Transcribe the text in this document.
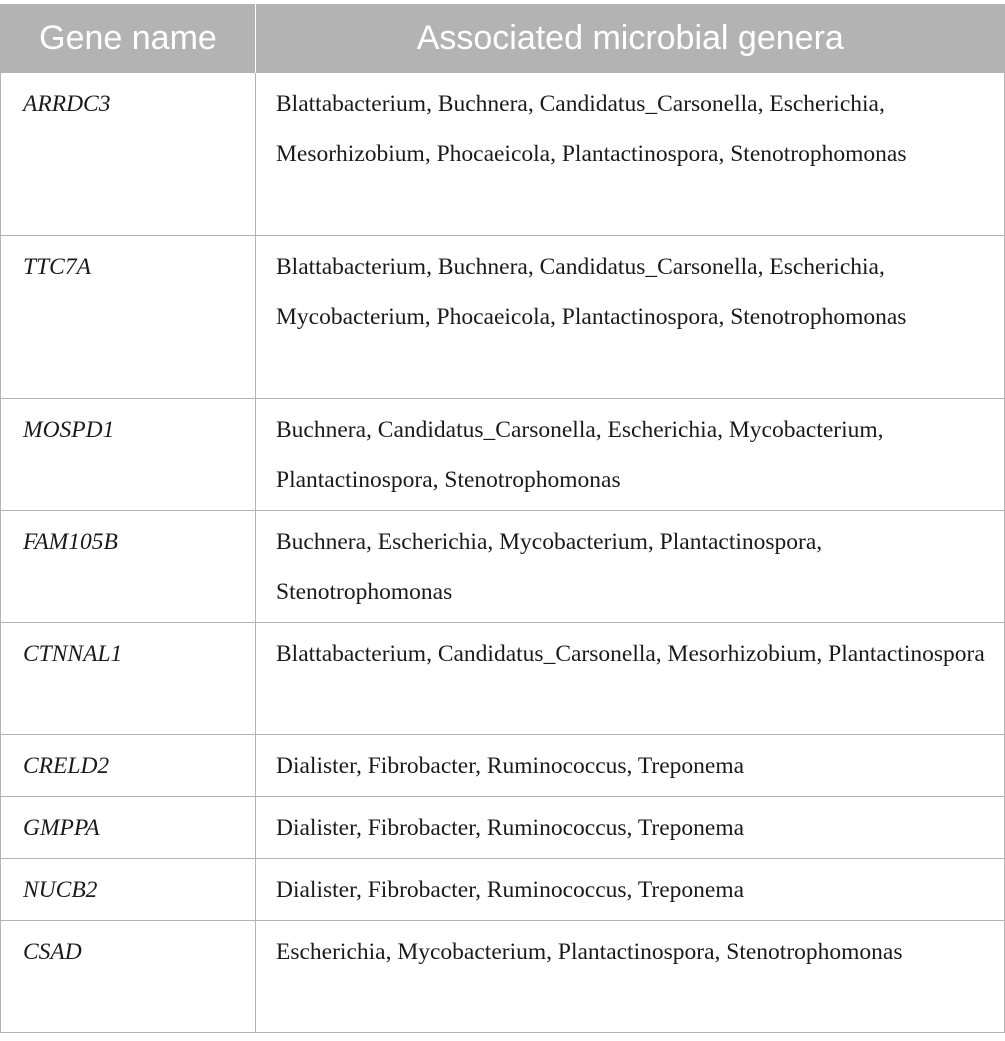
Gene name	Associated microbial genera
ARRDC3	Blattabacterium, Buchnera, Candidatus_Carsonella, Escherichia, Mesorhizobium, Phocaeicola, Plantactinospora, Stenotrophomonas
TTC7A	Blattabacterium, Buchnera, Candidatus_Carsonella, Escherichia, Mycobacterium, Phocaeicola, Plantactinospora, Stenotrophomonas
MOSPD1	Buchnera, Candidatus_Carsonella, Escherichia, Mycobacterium, Plantactinospora, Stenotrophomonas
FAM105B	Buchnera, Escherichia, Mycobacterium, Plantactinospora, Stenotrophomonas
CTNNAL1	Blattabacterium, Candidatus_Carsonella, Mesorhizobium, Plantactinospora
CRELD2	Dialister, Fibrobacter, Ruminococcus, Treponema
GMPPA	Dialister, Fibrobacter, Ruminococcus, Treponema
NUCB2	Dialister, Fibrobacter, Ruminococcus, Treponema
CSAD	Escherichia, Mycobacterium, Plantactinospora, Stenotrophomonas
